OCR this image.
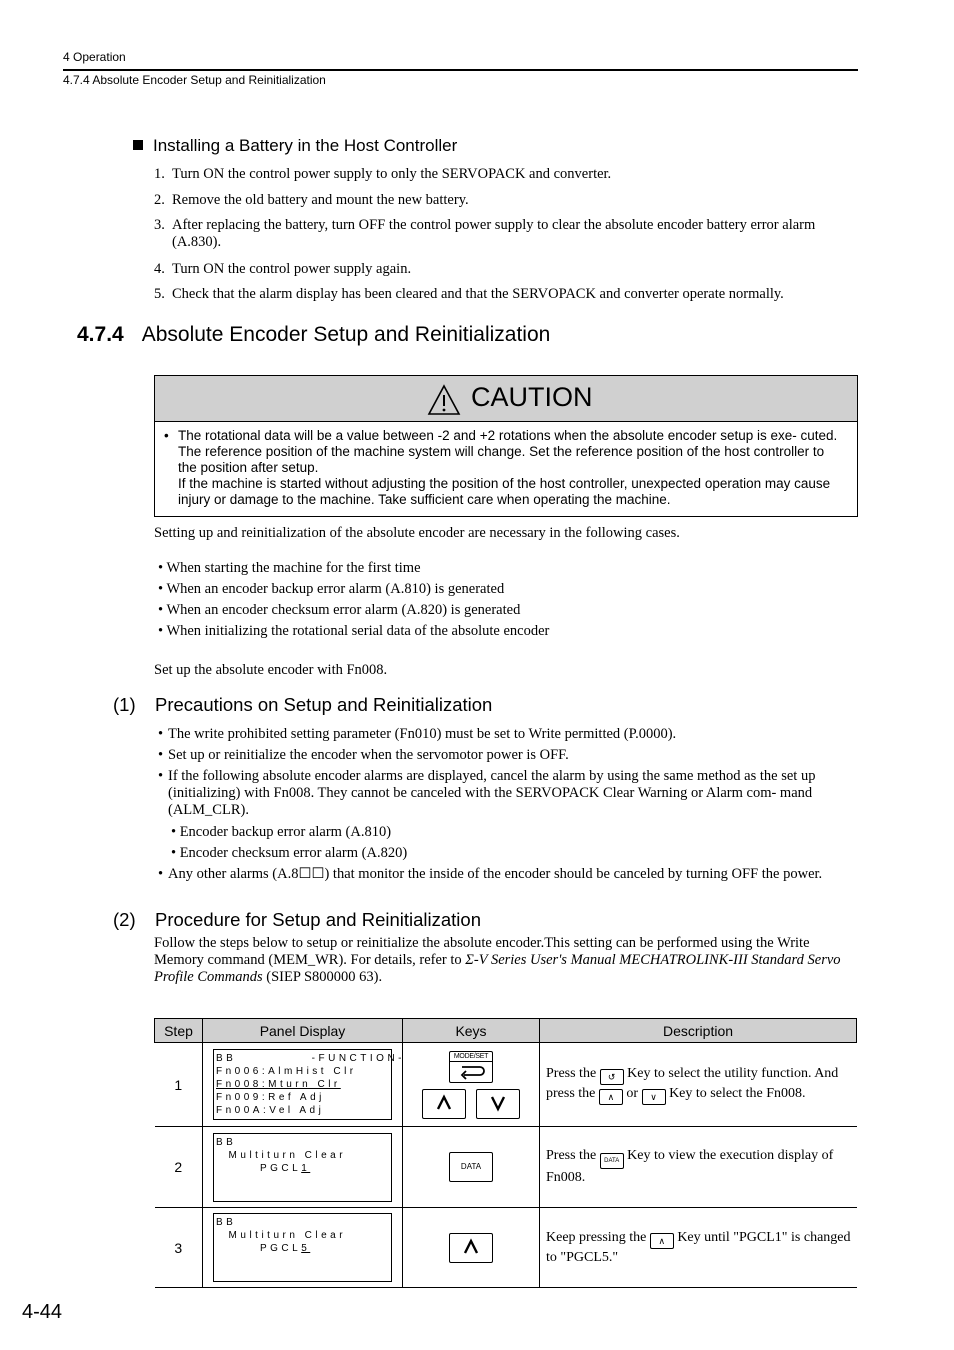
4 Operation
4.7.4 Absolute Encoder Setup and Reinitialization
Installing a Battery in the Host Controller
1. Turn ON the control power supply to only the SERVOPACK and converter.
2. Remove the old battery and mount the new battery.
3. After replacing the battery, turn OFF the control power supply to clear the absolute encoder battery error alarm (A.830).
4. Turn ON the control power supply again.
5. Check that the alarm display has been cleared and that the SERVOPACK and converter operate normally.
4.7.4 Absolute Encoder Setup and Reinitialization
CAUTION
• The rotational data will be a value between -2 and +2 rotations when the absolute encoder setup is exe- cuted. The reference position of the machine system will change. Set the reference position of the host controller to the position after setup.
If the machine is started without adjusting the position of the host controller, unexpected operation may cause injury or damage to the machine. Take sufficient care when operating the machine.
Setting up and reinitialization of the absolute encoder are necessary in the following cases.
• When starting the machine for the first time
• When an encoder backup error alarm (A.810) is generated
• When an encoder checksum error alarm (A.820) is generated
• When initializing the rotational serial data of the absolute encoder
Set up the absolute encoder with Fn008.
(1) Precautions on Setup and Reinitialization
• The write prohibited setting parameter (Fn010) must be set to Write permitted (P.0000).
• Set up or reinitialize the encoder when the servomotor power is OFF.
• If the following absolute encoder alarms are displayed, cancel the alarm by using the same method as the set up (initializing) with Fn008. They cannot be canceled with the SERVOPACK Clear Warning or Alarm com- mand (ALM_CLR).
• Encoder backup error alarm (A.810)
• Encoder checksum error alarm (A.820)
• Any other alarms (A.8☐☐) that monitor the inside of the encoder should be canceled by turning OFF the power.
(2) Procedure for Setup and Reinitialization
Follow the steps below to setup or reinitialize the absolute encoder.This setting can be performed using the Write Memory command (MEM_WR). For details, refer to Σ-V Series User's Manual MECHATROLINK-III Standard Servo Profile Commands (SIEP S800000 63).
Step	Panel Display	Keys	Description
1	BB            -FUNCTION-
Fn006:AlmHist Clr
Fn008:Mturn Clr
Fn009:Ref Adj
Fn00A:Vel Adj	MODE/SET	Press the ↺ Key to select the utility function. And press the ∧ or ∨ Key to select the Fn008.
2	BB
Multiturn Clear
PGCL1	DATA	Press the DATA Key to view the execution display of Fn008.
3	BB
Multiturn Clear
PGCL5		Keep pressing the ∧ Key until "PGCL1" is changed to "PGCL5."
4-44
